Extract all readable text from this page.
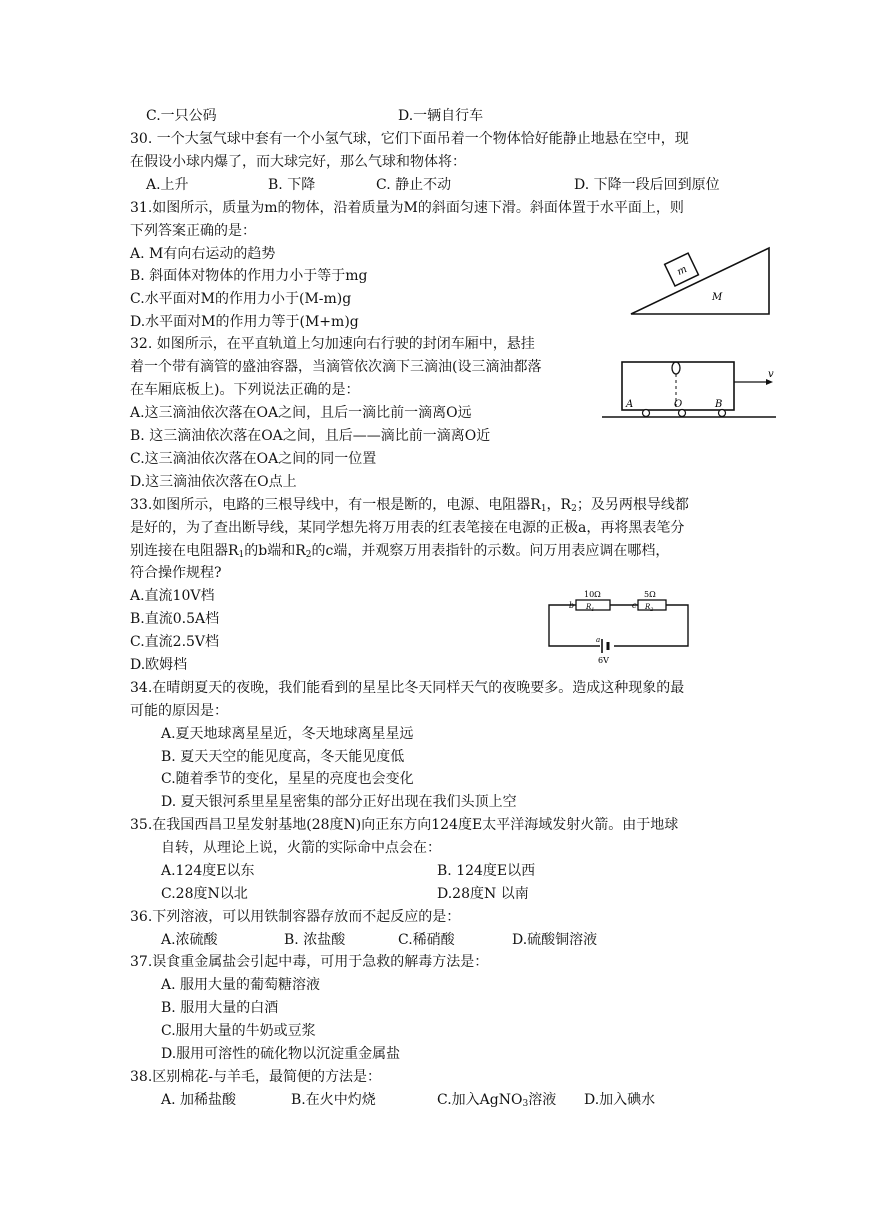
C.一只公码	D.一辆自行车
30. 一个大氢气球中套有一个小氢气球，它们下面吊着一个物体恰好能静止地悬在空中，现
在假设小球内爆了，而大球完好，那么气球和物体将：
A.上升	B. 下降	C. 静止不动	D. 下降一段后回到原位
31.如图所示，质量为m的物体，沿着质量为M的斜面匀速下滑。斜面体置于水平面上，则
下列答案正确的是：
A. M有向右运动的趋势
B. 斜面体对物体的作用力小于等于mg
C.水平面对M的作用力小于(M-m)g
D.水平面对M的作用力等于(M+m)g
m
M
32. 如图所示，在平直轨道上匀加速向右行驶的封闭车厢中，悬挂
着一个带有滴管的盛油容器，当滴管依次滴下三滴油(设三滴油都落
在车厢底板上)。下列说法正确的是：
A.这三滴油依次落在OA之间，且后一滴比前一滴离O远
B. 这三滴油依次落在OA之间，且后——滴比前一滴离O近
C.这三滴油依次落在OA之间的同一位置
D.这三滴油依次落在O点上
v
A	O	B
33.如图所示，电路的三根导线中，有一根是断的，电源、电阻器$R_1$，$R_2$；及另两根导线都
是好的，为了查出断导线，某同学想先将万用表的红表笔接在电源的正极a，再将黑表笔分
别连接在电阻器$R_1$的b端和$R_2$的c端，并观察万用表指针的示数。问万用表应调在哪档，
符合操作规程?
A.直流10V档
B.直流0.5A档
C.直流2.5V档
D.欧姆档
10Ω	5Ω
$R_1$	$R_2$
b	c
a
6V
34.在晴朗夏天的夜晚，我们能看到的星星比冬天同样天气的夜晚要多。造成这种现象的最
可能的原因是：
A.夏天地球离星星近，冬天地球离星星远
B. 夏天天空的能见度高，冬天能见度低
C.随着季节的变化，星星的亮度也会变化
D. 夏天银河系里星星密集的部分正好出现在我们头顶上空
35.在我国西昌卫星发射基地(28度N)向正东方向124度E太平洋海域发射火箭。由于地球
自转，从理论上说，火箭的实际命中点会在：
A.124度E以东	B. 124度E以西
C.28度N以北	D.28度N 以南
36.下列溶液，可以用铁制容器存放而不起反应的是：
A.浓硫酸	B. 浓盐酸	C.稀硝酸	D.硫酸铜溶液
37.误食重金属盐会引起中毒，可用于急救的解毒方法是：
A. 服用大量的葡萄糖溶液
B. 服用大量的白酒
C.服用大量的牛奶或豆浆
D.服用可溶性的硫化物以沉淀重金属盐
38.区别棉花-与羊毛，最简便的方法是：
A. 加稀盐酸	B.在火中灼烧	C.加入AgNO$_3$溶液 D.加入碘水
